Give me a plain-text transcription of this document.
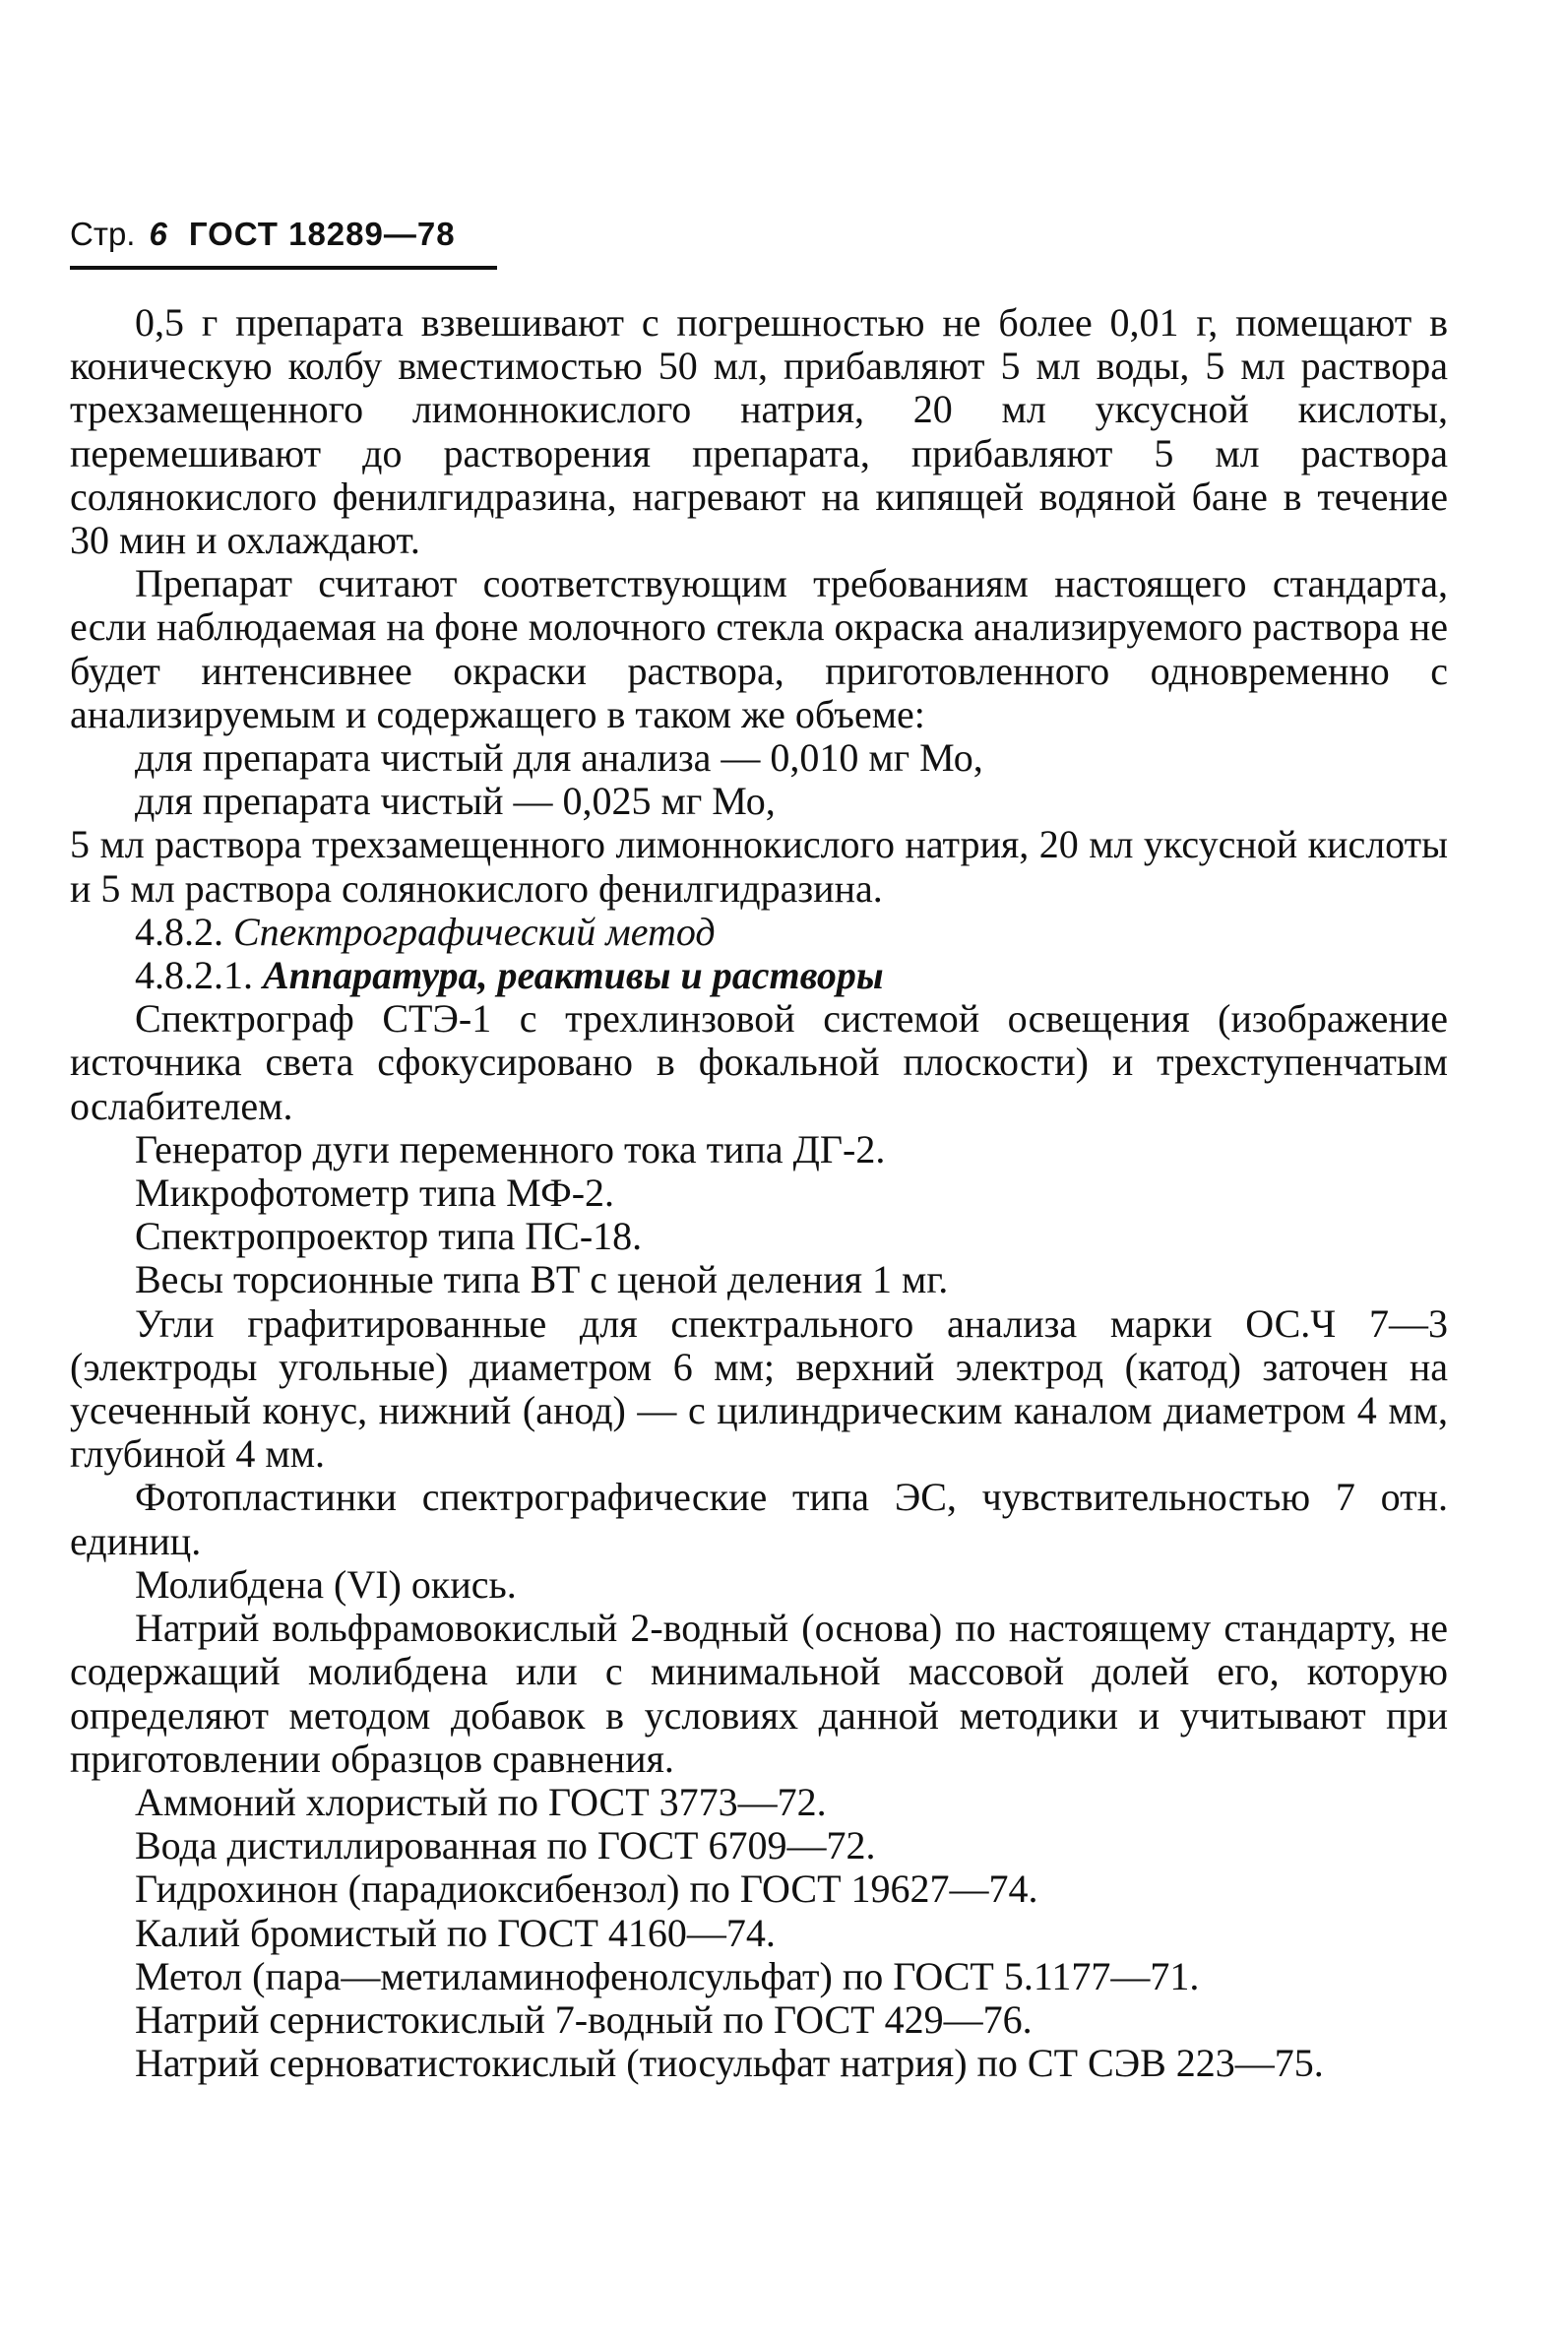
Стр. 6 ГОСТ 18289—78

0,5 г препарата взвешивают с погрешностью не более 0,01 г, помещают в коническую колбу вместимостью 50 мл, прибавляют 5 мл воды, 5 мл раствора трехзамещенного лимоннокислого натрия, 20 мл уксусной кислоты, перемешивают до растворения препарата, прибавляют 5 мл раствора солянокислого фенилгидразина, нагревают на кипящей водяной бане в течение 30 мин и охлаждают.

Препарат считают соответствующим требованиям настоящего стандарта, если наблюдаемая на фоне молочного стекла окраска анализируемого раствора не будет интенсивнее окраски раствора, приготовленного одновременно с анализируемым и содержащего в таком же объеме:

для препарата чистый для анализа — 0,010 мг Мо,

для препарата чистый — 0,025 мг Мо,

5 мл раствора трехзамещенного лимоннокислого натрия, 20 мл уксусной кислоты и 5 мл раствора солянокислого фенилгидразина.

4.8.2. Спектрографический метод

4.8.2.1. Аппаратура, реактивы и растворы

Спектрограф СТЭ-1 с трехлинзовой системой освещения (изображение источника света сфокусировано в фокальной плоскости) и трехступенчатым ослабителем.

Генератор дуги переменного тока типа ДГ-2.

Микрофотометр типа МФ-2.

Спектропроектор типа ПС-18.

Весы торсионные типа ВТ с ценой деления 1 мг.

Угли графитированные для спектрального анализа марки ОС.Ч 7—3 (электроды угольные) диаметром 6 мм; верхний электрод (катод) заточен на усеченный конус, нижний (анод) — с цилиндрическим каналом диаметром 4 мм, глубиной 4 мм.

Фотопластинки спектрографические типа ЭС, чувствительностью 7 отн. единиц.

Молибдена (VI) окись.

Натрий вольфрамовокислый 2-водный (основа) по настоящему стандарту, не содержащий молибдена или с минимальной массовой долей его, которую определяют методом добавок в условиях данной методики и учитывают при приготовлении образцов сравнения.

Аммоний хлористый по ГОСТ 3773—72.

Вода дистиллированная по ГОСТ 6709—72.

Гидрохинон (парадиоксибензол) по ГОСТ 19627—74.

Калий бромистый по ГОСТ 4160—74.

Метол (пара—метиламинофенолсульфат) по ГОСТ 5.1177—71.

Натрий сернистокислый 7-водный по ГОСТ 429—76.

Натрий серноватистокислый (тиосульфат натрия) по СТ СЭВ 223—75.
